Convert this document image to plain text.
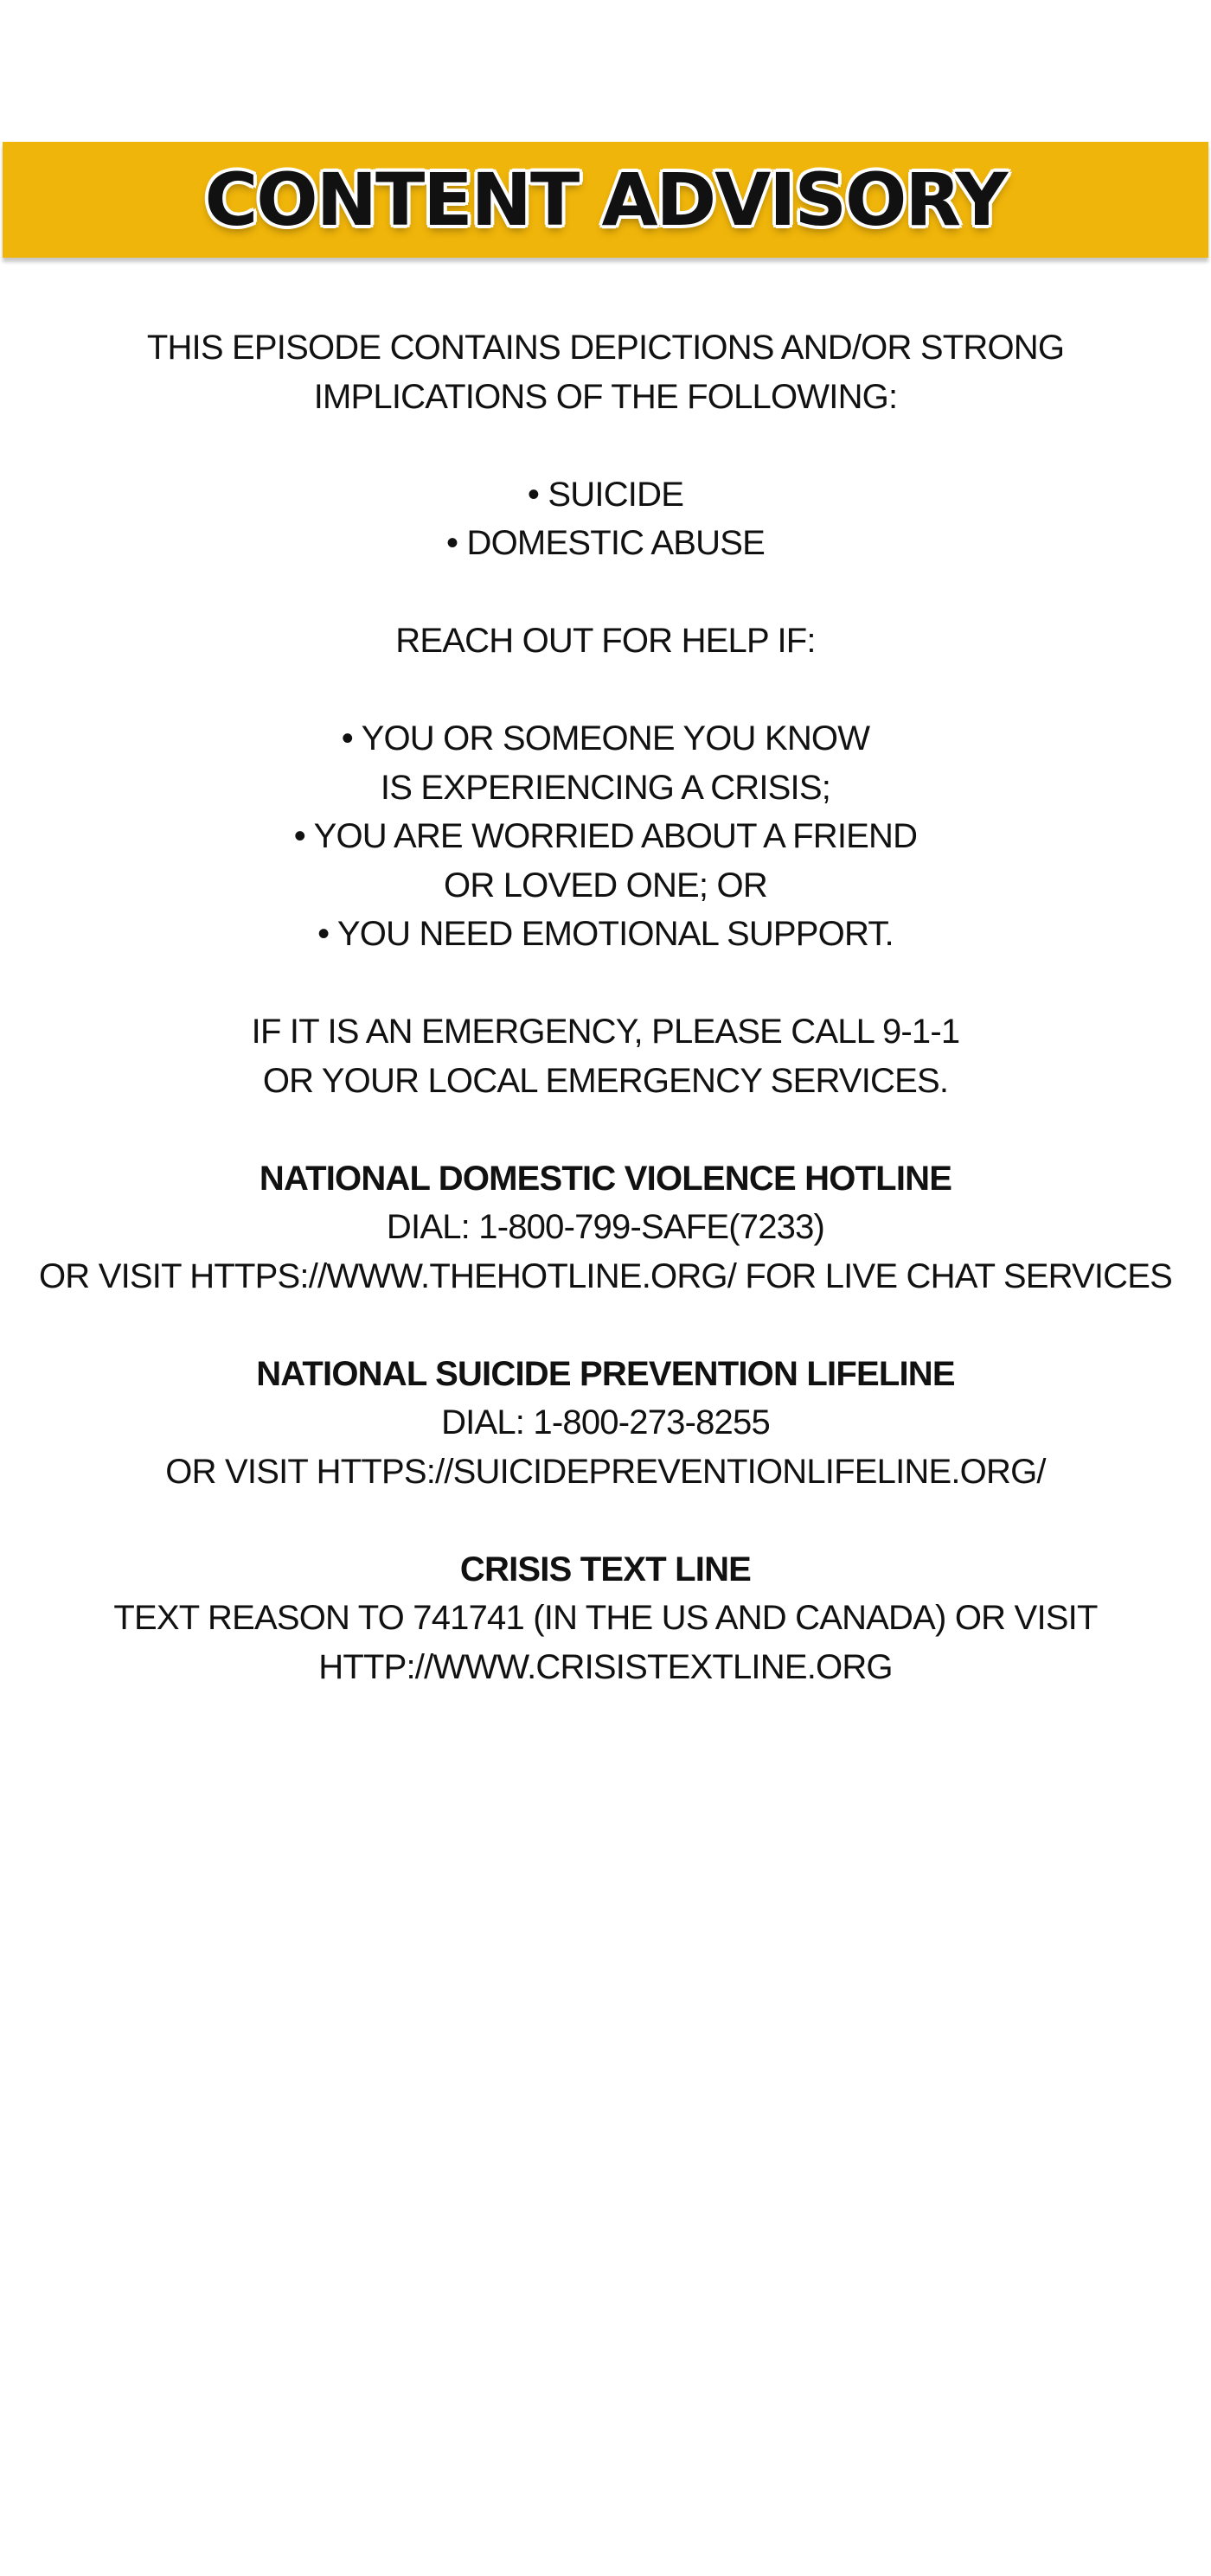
CONTENT ADVISORY
THIS EPISODE CONTAINS DEPICTIONS AND/OR STRONG
IMPLICATIONS OF THE FOLLOWING:
• SUICIDE
• DOMESTIC ABUSE
REACH OUT FOR HELP IF:
• YOU OR SOMEONE YOU KNOW
IS EXPERIENCING A CRISIS;
• YOU ARE WORRIED ABOUT A FRIEND
OR LOVED ONE; OR
• YOU NEED EMOTIONAL SUPPORT.
IF IT IS AN EMERGENCY, PLEASE CALL 9-1-1
OR YOUR LOCAL EMERGENCY SERVICES.
NATIONAL DOMESTIC VIOLENCE HOTLINE
DIAL: 1-800-799-SAFE(7233)
OR VISIT HTTPS://WWW.THEHOTLINE.ORG/ FOR LIVE CHAT SERVICES
NATIONAL SUICIDE PREVENTION LIFELINE
DIAL: 1-800-273-8255
OR VISIT HTTPS://SUICIDEPREVENTIONLIFELINE.ORG/
CRISIS TEXT LINE
TEXT REASON TO 741741 (IN THE US AND CANADA) OR VISIT
HTTP://WWW.CRISISTEXTLINE.ORG
